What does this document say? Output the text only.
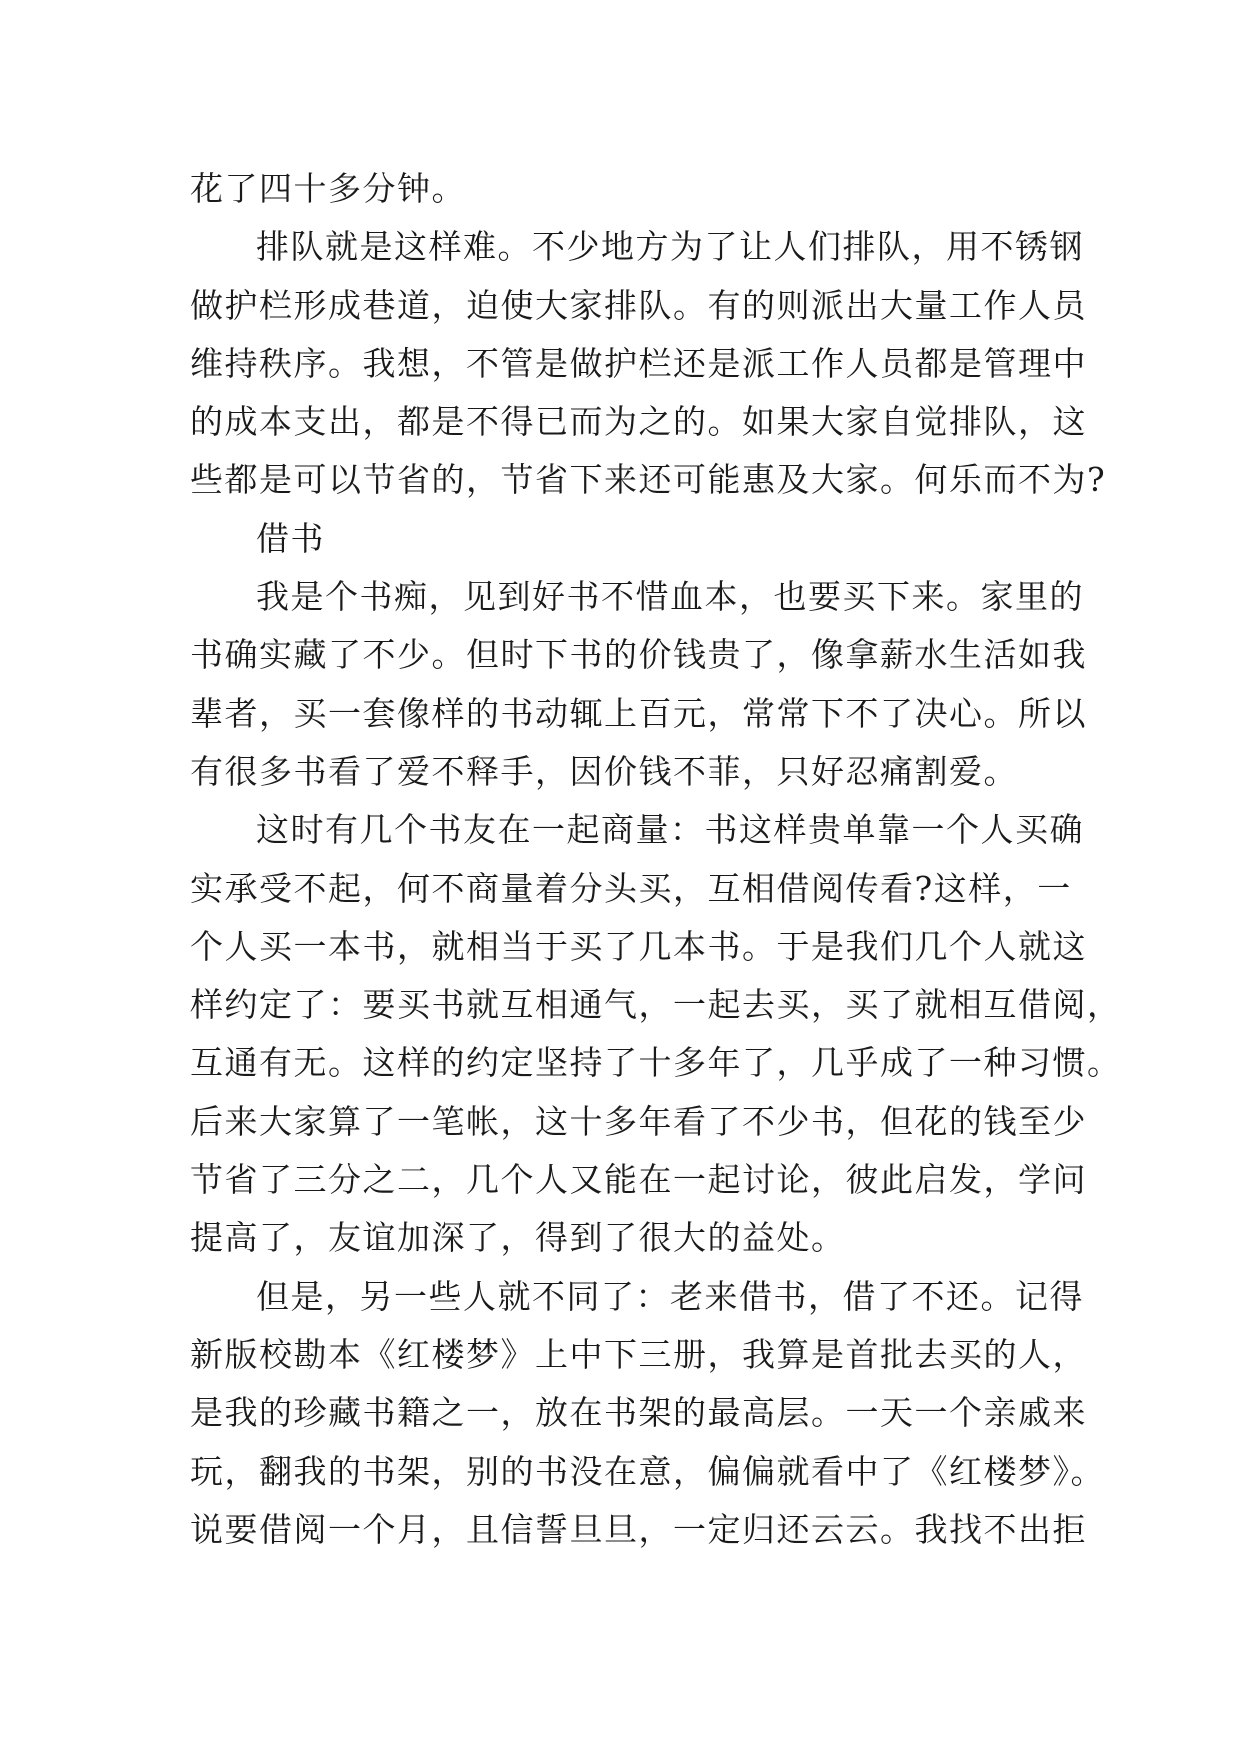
花了四十多分钟。
排队就是这样难。不少地方为了让人们排队，用不锈钢
做护栏形成巷道，迫使大家排队。有的则派出大量工作人员
维持秩序。我想，不管是做护栏还是派工作人员都是管理中
的成本支出，都是不得已而为之的。如果大家自觉排队，这
些都是可以节省的，节省下来还可能惠及大家。何乐而不为?
借书
我是个书痴，见到好书不惜血本，也要买下来。家里的
书确实藏了不少。但时下书的价钱贵了，像拿薪水生活如我
辈者，买一套像样的书动辄上百元，常常下不了决心。所以
有很多书看了爱不释手，因价钱不菲，只好忍痛割爱。
这时有几个书友在一起商量：书这样贵单靠一个人买确
实承受不起，何不商量着分头买，互相借阅传看?这样，一
个人买一本书，就相当于买了几本书。于是我们几个人就这
样约定了：要买书就互相通气，一起去买，买了就相互借阅，
互通有无。这样的约定坚持了十多年了，几乎成了一种习惯。
后来大家算了一笔帐，这十多年看了不少书，但花的钱至少
节省了三分之二，几个人又能在一起讨论，彼此启发，学问
提高了，友谊加深了，得到了很大的益处。
但是，另一些人就不同了：老来借书，借了不还。记得
新版校勘本《红楼梦》上中下三册，我算是首批去买的人，
是我的珍藏书籍之一，放在书架的最高层。一天一个亲戚来
玩，翻我的书架，别的书没在意，偏偏就看中了《红楼梦》。
说要借阅一个月，且信誓旦旦，一定归还云云。我找不出拒
